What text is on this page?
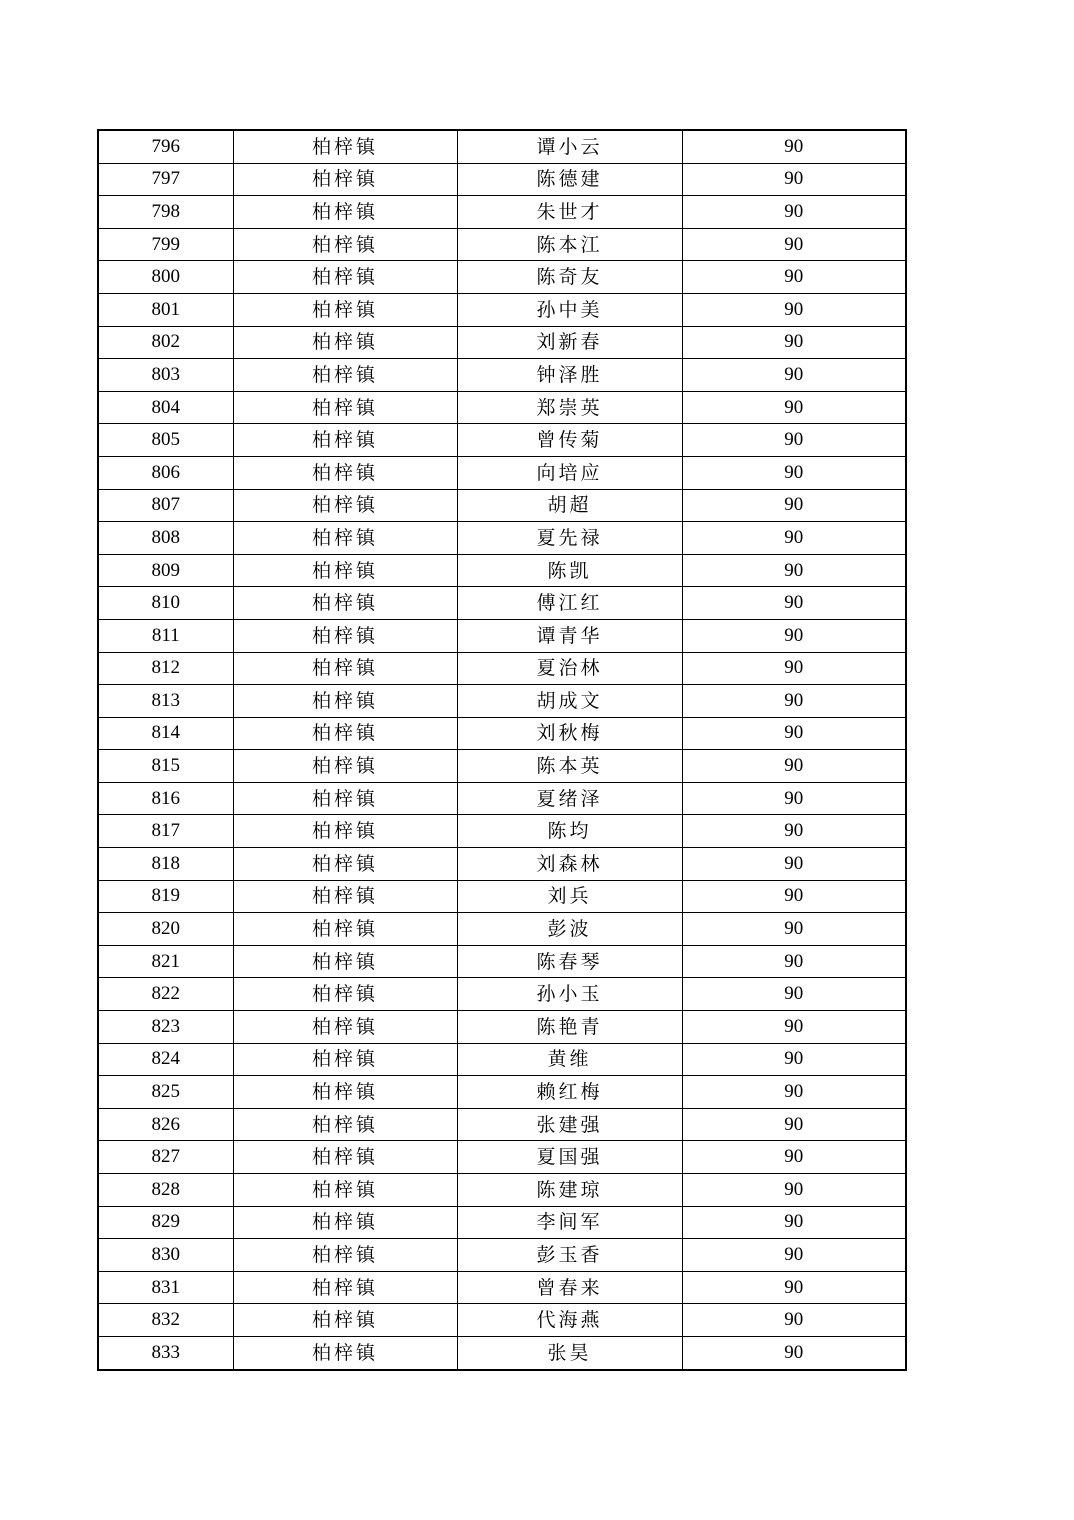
796	柏梓镇	谭小云	90
797	柏梓镇	陈德建	90
798	柏梓镇	朱世才	90
799	柏梓镇	陈本江	90
800	柏梓镇	陈奇友	90
801	柏梓镇	孙中美	90
802	柏梓镇	刘新春	90
803	柏梓镇	钟泽胜	90
804	柏梓镇	郑崇英	90
805	柏梓镇	曾传菊	90
806	柏梓镇	向培应	90
807	柏梓镇	胡超	90
808	柏梓镇	夏先禄	90
809	柏梓镇	陈凯	90
810	柏梓镇	傅江红	90
811	柏梓镇	谭青华	90
812	柏梓镇	夏治林	90
813	柏梓镇	胡成文	90
814	柏梓镇	刘秋梅	90
815	柏梓镇	陈本英	90
816	柏梓镇	夏绪泽	90
817	柏梓镇	陈均	90
818	柏梓镇	刘森林	90
819	柏梓镇	刘兵	90
820	柏梓镇	彭波	90
821	柏梓镇	陈春琴	90
822	柏梓镇	孙小玉	90
823	柏梓镇	陈艳青	90
824	柏梓镇	黄维	90
825	柏梓镇	赖红梅	90
826	柏梓镇	张建强	90
827	柏梓镇	夏国强	90
828	柏梓镇	陈建琼	90
829	柏梓镇	李间军	90
830	柏梓镇	彭玉香	90
831	柏梓镇	曾春来	90
832	柏梓镇	代海燕	90
833	柏梓镇	张昊	90
